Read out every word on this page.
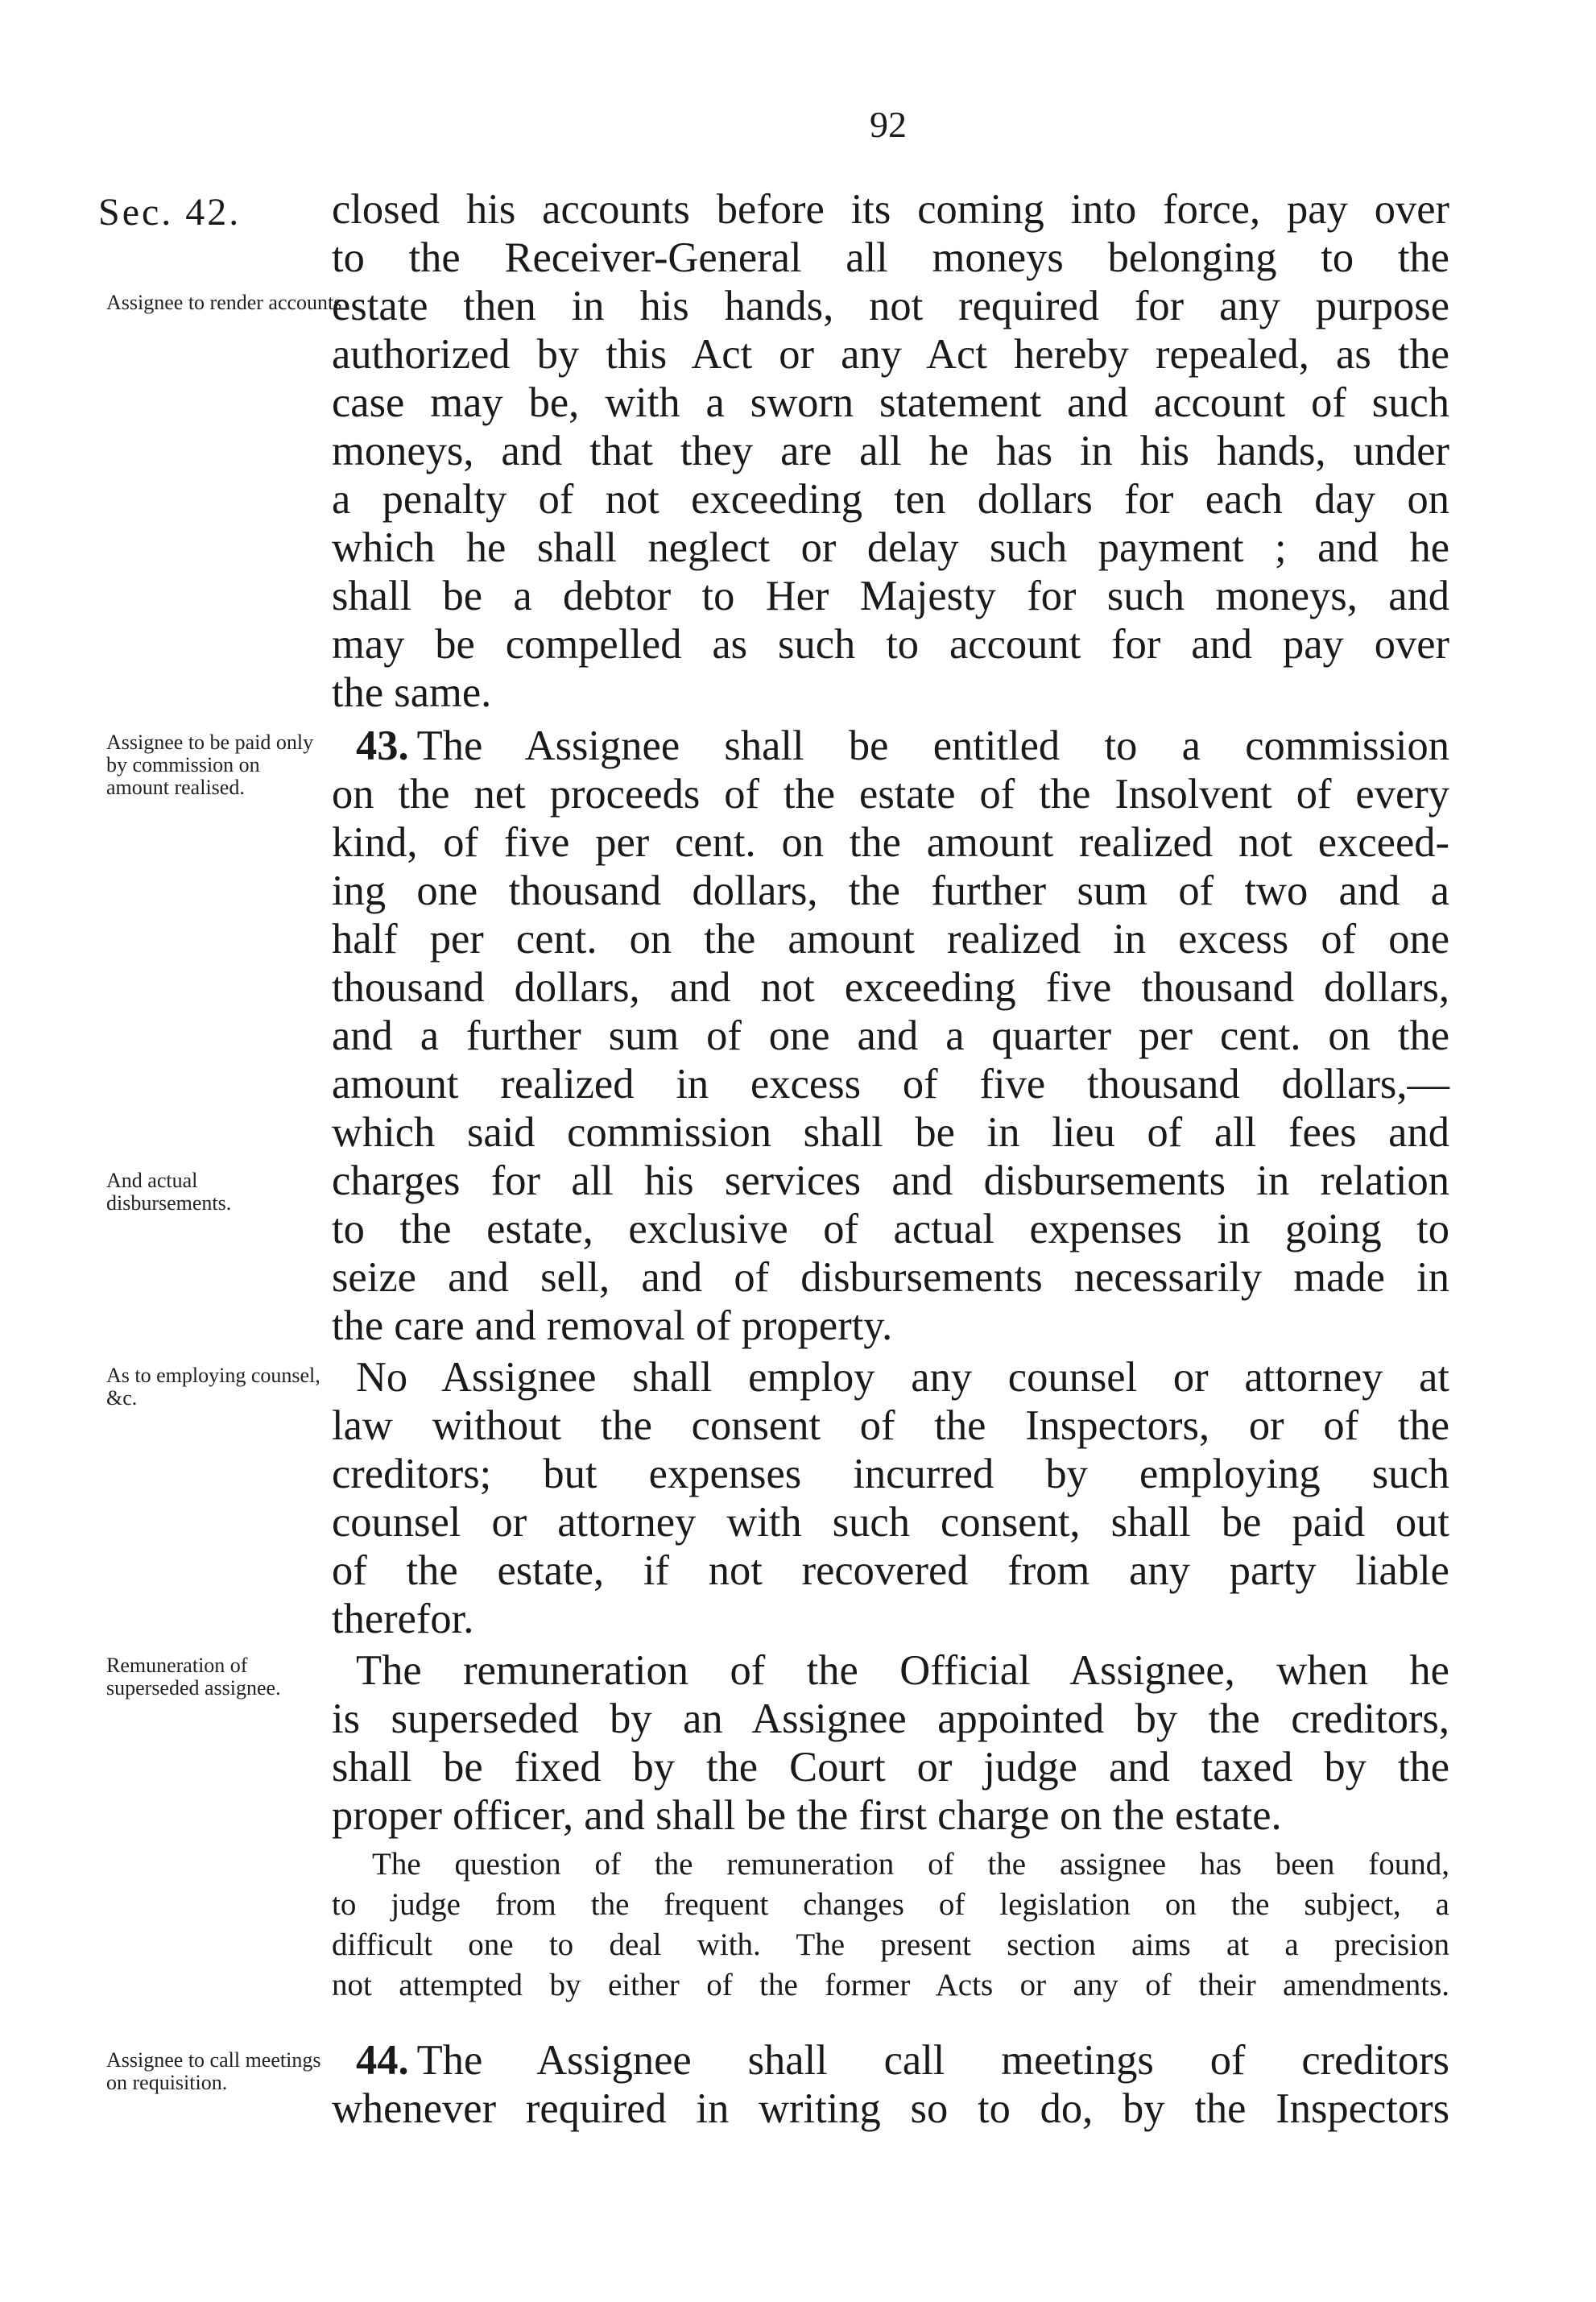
92
Sec. 42.
Assignee to render accounts
Assignee to be paid only by commission on amount realised.
And actual disbursements.
As to employing counsel, &c.
Remuneration of superseded assignee.
Assignee to call meetings on requisition.
closed his accounts before its coming into force, pay over
to the Receiver-General all moneys belonging to the
estate then in his hands, not required for any purpose
authorized by this Act or any Act hereby repealed, as the
case may be, with a sworn statement and account of such
moneys, and that they are all he has in his hands, under
a penalty of not exceeding ten dollars for each day on
which he shall neglect or delay such payment ; and he
shall be a debtor to Her Majesty for such moneys, and
may be compelled as such to account for and pay over
the same.
43. The Assignee shall be entitled to a commission
on the net proceeds of the estate of the Insolvent of every
kind, of five per cent. on the amount realized not exceed-
ing one thousand dollars, the further sum of two and a
half per cent. on the amount realized in excess of one
thousand dollars, and not exceeding five thousand dollars,
and a further sum of one and a quarter per cent. on the
amount realized in excess of five thousand dollars,—
which said commission shall be in lieu of all fees and
charges for all his services and disbursements in relation
to the estate, exclusive of actual expenses in going to
seize and sell, and of disbursements necessarily made in
the care and removal of property.
No Assignee shall employ any counsel or attorney at
law without the consent of the Inspectors, or of the
creditors; but expenses incurred by employing such
counsel or attorney with such consent, shall be paid out
of the estate, if not recovered from any party liable
therefor.
The remuneration of the Official Assignee, when he
is superseded by an Assignee appointed by the creditors,
shall be fixed by the Court or judge and taxed by the
proper officer, and shall be the first charge on the estate.
The question of the remuneration of the assignee has been found,
to judge from the frequent changes of legislation on the subject, a
difficult one to deal with. The present section aims at a precision
not attempted by either of the former Acts or any of their amendments.
44. The Assignee shall call meetings of creditors
whenever required in writing so to do, by the Inspectors
